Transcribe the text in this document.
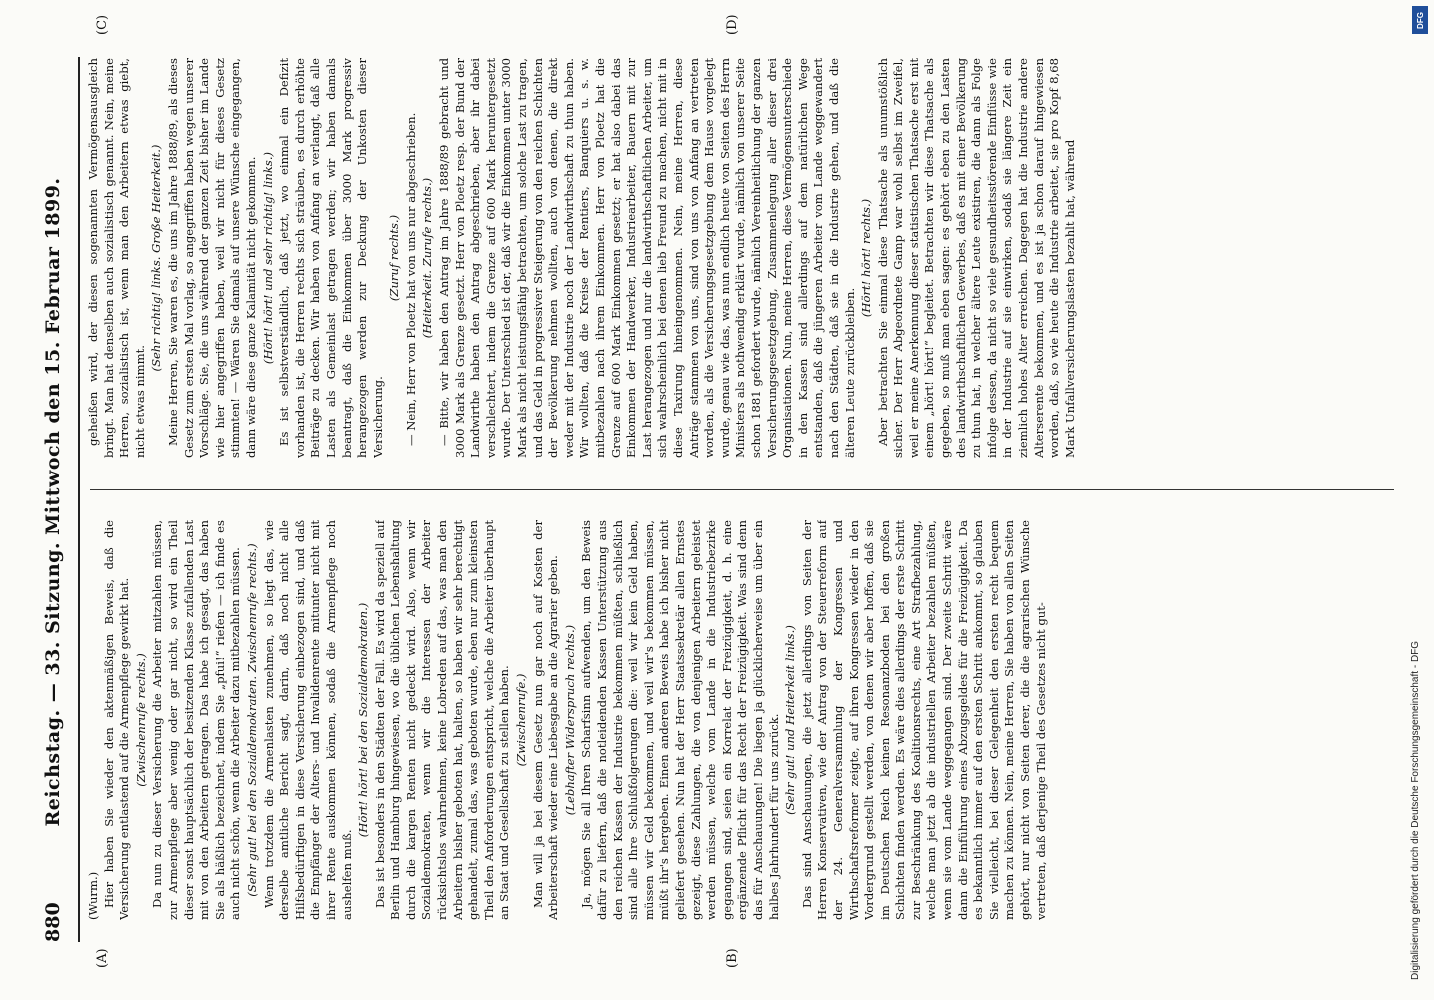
880
Reichstag. — 33. Sitzung. Mittwoch den 15. Februar 1899.
(A)	(B)
(C)	(D)

(Wurm.) Hier haben Sie wieder den aktenmäßigen Beweis, daß die Versicherung entlastend auf die Armenpflege gewirkt hat. (Zwischenrufe rechts.) Da nun zu dieser Versicherung die Arbeiter mitzahlen müssen, zur Armenpflege aber wenig oder gar nicht, so wird ein Theil dieser sonst hauptsächlich der besitzenden Klasse zufallenden Last mit von den Arbeitern getragen. Das habe ich gesagt, das haben Sie als häßlich bezeichnet, indem Sie „pfui!“ riefen — ich finde es auch nicht schön, wenn die Arbeiter dazu mitbezahlen müssen. (Sehr gut! bei den Sozialdemokraten. Zwischenrufe rechts.) Wenn trotzdem die Armenlasten zunehmen, so liegt das, wie derselbe amtliche Bericht sagt, darin, daß noch nicht alle Hilfsbedürftigen in diese Versicherung einbezogen sind, und daß die Empfänger der Alters- und Invalidenrente mitunter nicht mit ihrer Rente auskommen können, sodaß die Armenpflege noch aushelfen muß.

(Hört! hört! bei den Sozialdemokraten.) Das ist besonders in den Städten der Fall. Es wird da speziell auf Berlin und Hamburg hingewiesen, wo die üblichen Lebenshaltung durch die kargen Renten nicht gedeckt wird. Also, wenn wir Sozialdemokraten, wenn wir die Interessen der Arbeiter rücksichtslos wahrnehmen, keine Lobreden auf das, was man den Arbeitern bisher geboten hat, halten, so haben wir sehr berechtigt gehandelt, zumal das, was geboten wurde, eben nur zum kleinsten Theil den Anforderungen entspricht, welche die Arbeiter überhaupt an Staat und Gesellschaft zu stellen haben. (Zwischenrufe.) Man will ja bei diesem Gesetz nun gar noch auf Kosten der Arbeiterschaft wieder eine Liebesgabe an die Agrarier geben. (Lebhafter Widerspruch rechts.) Ja, mögen Sie all Ihren Scharfsinn aufwenden, um den Beweis dafür zu liefern, daß die notleidenden Kassen Unterstützung aus den reichen Kassen der Industrie bekommen müßten, schließlich sind alle Ihre Schlußfolgerungen die: weil wir kein Geld haben, müssen wir Geld bekommen, und weil wir's bekommen müssen, müßt ihr's hergeben. Einen anderen Beweis habe ich bisher nicht geliefert gesehen. Nun hat der Herr Staatssekretär allen Ernstes gezeigt, diese Zahlungen, die von denjenigen Arbeitern geleistet werden müssen, welche vom Lande in die Industriebezirke gegangen sind, seien ein Korrelat der Freizügigkeit, d. h. eine ergänzende Pflicht für das Recht der Freizügigkeit. Was sind denn das für Anschauungen! Die liegen ja glücklicherweise um über ein halbes Jahrhundert für uns zurück. (Sehr gut! und Heiterkeit links.) Das sind Anschauungen, die jetzt allerdings von Seiten der Herren Konservativen, wie der Antrag von der Steuerreform auf der 24. Generalversammlung der Kongressen und Wirthschaftsreformer zeigte, auf ihren Kongressen wieder in den Vordergrund gestellt werden, von denen wir aber hoffen, daß sie im Deutschen Reich keinen Resonanzboden bei den großen Schichten finden werden. Es wäre dies allerdings der erste Schritt zur Beschränkung des Koalitionsrechts, eine Art Strafbezahlung, welche man jetzt ab die industriellen Arbeiter bezahlen müßten, wenn sie vom Lande weggegangen sind. Der zweite Schritt wäre dann die Einführung eines Abzugsgeldes für die Freizügigkeit. Da es bekanntlich immer auf den ersten Schritt ankommt, so glauben Sie vielleicht, bei dieser Gelegenheit den ersten recht bequem machen zu können. Nein, meine Herren, Sie haben von allen Seiten gehört, nur nicht von Seiten derer, die die agrarischen Wünsche vertreten, daß derjenige Theil des Gesetzes nicht gut-

geheißen wird, der diesen sogenannten Vermögensausgleich bringt. Man hat denselben auch sozialistisch genannt. Nein, meine Herren, sozialistisch ist, wenn man den Arbeitern etwas giebt, nicht etwas nimmt.

(Sehr richtig! links. Große Heiterkeit.) Meine Herren, Sie waren es, die uns im Jahre 1888/89, als dieses Gesetz zum ersten Mal vorlag, so angegriffen haben wegen unserer Vorschläge. Sie, die uns während der ganzen Zeit bisher im Lande wie hier angegriffen haben, weil wir nicht für dieses Gesetz stimmten! — Wären Sie damals auf unsere Wünsche eingegangen, dann wäre diese ganze Kalamität nicht gekommen. (Hört! hört! und sehr richtig! links.) Es ist selbstverständlich, daß jetzt, wo einmal ein Defizit vorhanden ist, die Herren rechts sich sträuben, es durch erhöhte Beiträge zu decken. Wir haben von Anfang an verlangt, daß alle Lasten als Gemeinlast getragen werden; wir haben damals beantragt, daß die Einkommen über 3000 Mark progressiv herangezogen werden zur Deckung der Unkosten dieser Versicherung.

(Zuruf rechts.) — Nein, Herr von Ploetz hat von uns nur abgeschrieben. (Heiterkeit. Zurufe rechts.) — Bitte, wir haben den Antrag im Jahre 1888/89 gebracht und 3000 Mark als Grenze gesetzt. Herr von Ploetz resp. der Bund der Landwirthe haben den Antrag abgeschrieben, aber ihr dabei verschlechtert, indem die Grenze auf 600 Mark heruntergesetzt wurde. Der Unterschied ist der, daß wir die Einkommen unter 3000 Mark als nicht leistungsfähig betrachten, um solche Last zu tragen, und das Geld in progressiver Steigerung von den reichen Schichten der Bevölkerung nehmen wollten, auch von denen, die direkt weder mit der Industrie noch der Landwirthschaft zu thun haben. Wir wollten, daß die Kreise der Rentiers, Banquiers u. s. w. mitbezahlen nach ihrem Einkommen. Herr von Ploetz hat die Grenze auf 600 Mark Einkommen gesetzt; er hat also dabei das Einkommen der Handwerker, Industriearbeiter, Bauern mit zur Last herangezogen und nur die landwirthschaftlichen Arbeiter, um sich wahrscheinlich bei denen lieb Freund zu machen, nicht mit in diese Taxirung hineingenommen. Nein, meine Herren, diese Anträge stammen von uns, sind von uns von Anfang an vertreten worden, als die Versicherungsgesetzgebung dem Hause vorgelegt wurde, genau wie das, was nun endlich heute von Seiten des Herrn Ministers als nothwendig erklärt wurde, nämlich von unserer Seite schon 1881 gefordert wurde, nämlich Vereinheitlichung der ganzen Versicherungsgesetzgebung, Zusammenlegung aller dieser drei Organisationen. Nun, meine Herren, diese Vermögensunterschiede in den Kassen sind allerdings auf dem natürlichen Wege entstanden, daß die jüngeren Arbeiter vom Lande weggewandert nach den Städten, daß sie in die Industrie gehen, und daß die älteren Leute zurückbleiben.

(Hört! hört! rechts.) Aber betrachten Sie einmal diese Thatsache als unumstößlich sicher. Der Herr Abgeordnete Gamp war wohl selbst im Zweifel, weil er meine Anerkennung dieser statistischen Thatsache erst mit einem „hört! hört!“ begleitet. Betrachten wir diese Thatsache als gegeben, so muß man eben sagen: es gehört eben zu den Lasten des landwirthschaftlichen Gewerbes, daß es mit einer Bevölkerung zu thun hat, in welcher ältere Leute existiren, die dann als Folge infolge dessen, da nicht so viele gesundheitsstörende Einflüsse wie in der Industrie auf sie einwirken, sodaß sie längere Zeit ein ziemlich hohes Alter erreichen. Dagegen hat die Industrie andere Alterserente bekommen, und es ist ja schon darauf hingewiesen worden, daß, so wie heute die Industrie arbeitet, sie pro Kopf 8,68 Mark Unfallversicherungslasten bezahlt hat, während

Digitalisierung gefördert durch die Deutsche Forschungsgemeinschaft - DFG
DFG
